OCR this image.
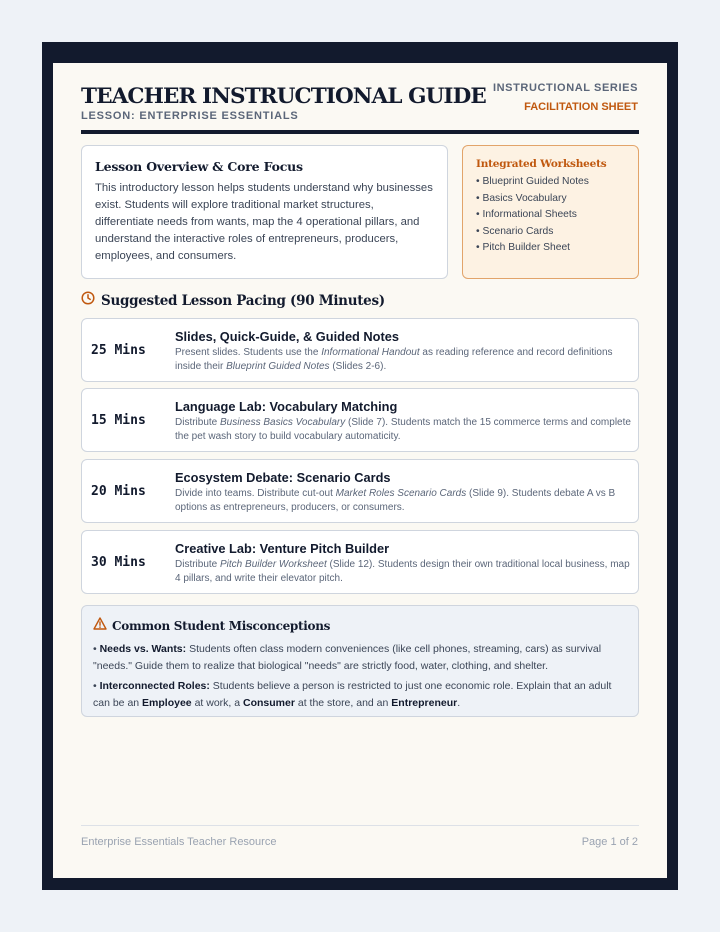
TEACHER INSTRUCTIONAL GUIDE
LESSON: ENTERPRISE ESSENTIALS
INSTRUCTIONAL SERIES
FACILITATION SHEET
Lesson Overview & Core Focus

This introductory lesson helps students understand why businesses exist. Students will explore traditional market structures, differentiate needs from wants, map the 4 operational pillars, and understand the interactive roles of entrepreneurs, producers, employees, and consumers.

Integrated Worksheets
• Blueprint Guided Notes
• Basics Vocabulary
• Informational Sheets
• Scenario Cards
• Pitch Builder Sheet
Suggested Lesson Pacing (90 Minutes)
25 Mins
Slides, Quick-Guide, & Guided Notes
Present slides. Students use the Informational Handout as reading reference and record definitions inside their Blueprint Guided Notes (Slides 2-6).
15 Mins
Language Lab: Vocabulary Matching
Distribute Business Basics Vocabulary (Slide 7). Students match the 15 commerce terms and complete the pet wash story to build vocabulary automaticity.
20 Mins
Ecosystem Debate: Scenario Cards
Divide into teams. Distribute cut-out Market Roles Scenario Cards (Slide 9). Students debate A vs B options as entrepreneurs, producers, or consumers.
30 Mins
Creative Lab: Venture Pitch Builder
Distribute Pitch Builder Worksheet (Slide 12). Students design their own traditional local business, map 4 pillars, and write their elevator pitch.
Common Student Misconceptions

• Needs vs. Wants: Students often class modern conveniences (like cell phones, streaming, cars) as survival "needs." Guide them to realize that biological "needs" are strictly food, water, clothing, and shelter.

• Interconnected Roles: Students believe a person is restricted to just one economic role. Explain that an adult can be an Employee at work, a Consumer at the store, and an Entrepreneur.

Enterprise Essentials Teacher Resource	Page 1 of 2
